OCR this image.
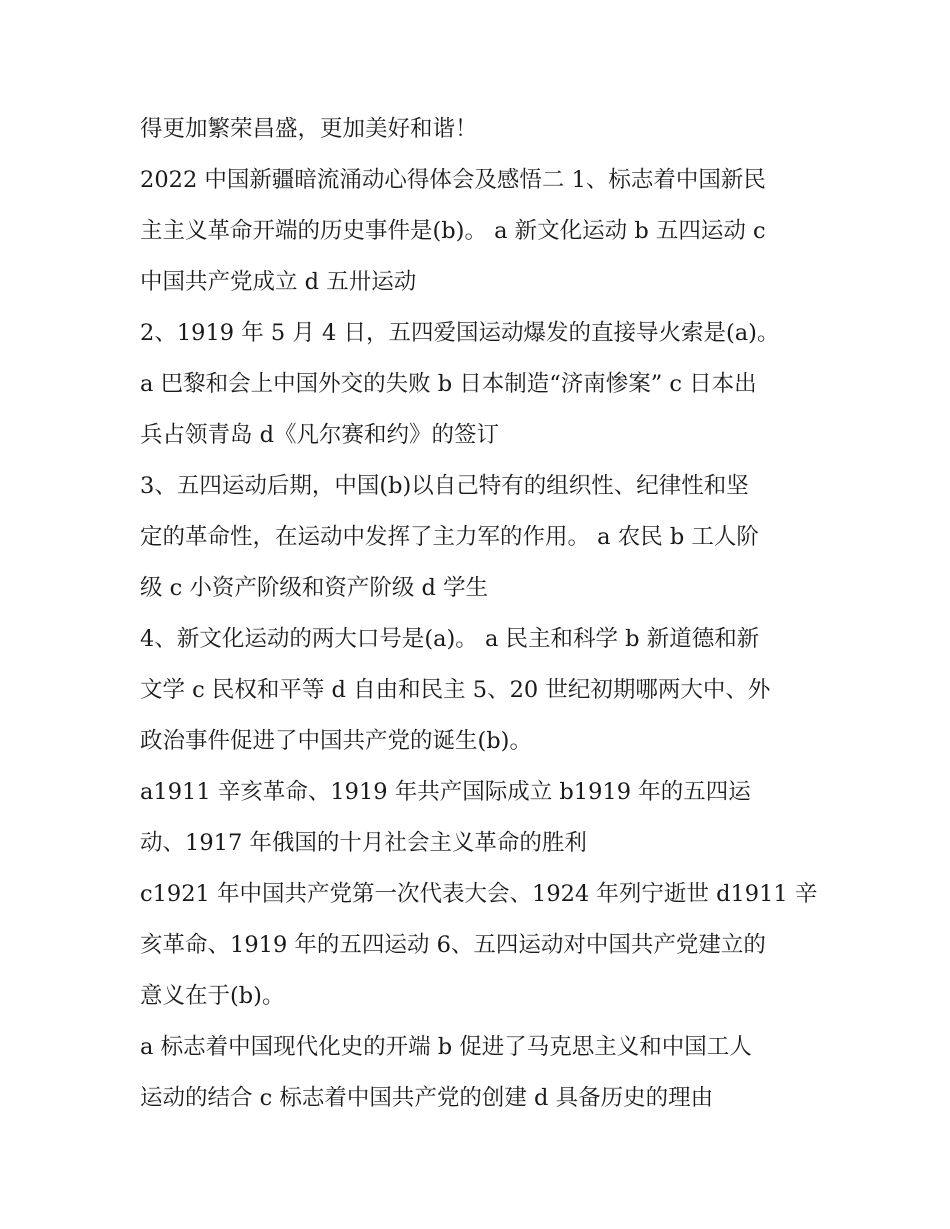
得更加繁荣昌盛，更加美好和谐！
2022 中国新疆暗流涌动心得体会及感悟二 1、标志着中国新民
主主义革命开端的历史事件是(b)。 a 新文化运动 b 五四运动 c
中国共产党成立 d 五卅运动
2、1919 年 5 月 4 日，五四爱国运动爆发的直接导火索是(a)。
a 巴黎和会上中国外交的失败 b 日本制造“济南惨案” c 日本出
兵占领青岛 d《凡尔赛和约》的签订
3、五四运动后期，中国(b)以自己特有的组织性、纪律性和坚
定的革命性，在运动中发挥了主力军的作用。 a 农民 b 工人阶
级 c 小资产阶级和资产阶级 d 学生
4、新文化运动的两大口号是(a)。 a 民主和科学 b 新道德和新
文学 c 民权和平等 d 自由和民主 5、20 世纪初期哪两大中、外
政治事件促进了中国共产党的诞生(b)。
a1911 辛亥革命、1919 年共产国际成立 b1919 年的五四运
动、1917 年俄国的十月社会主义革命的胜利
c1921 年中国共产党第一次代表大会、1924 年列宁逝世 d1911 辛
亥革命、1919 年的五四运动 6、五四运动对中国共产党建立的
意义在于(b)。
a 标志着中国现代化史的开端 b 促进了马克思主义和中国工人
运动的结合 c 标志着中国共产党的创建 d 具备历史的理由
